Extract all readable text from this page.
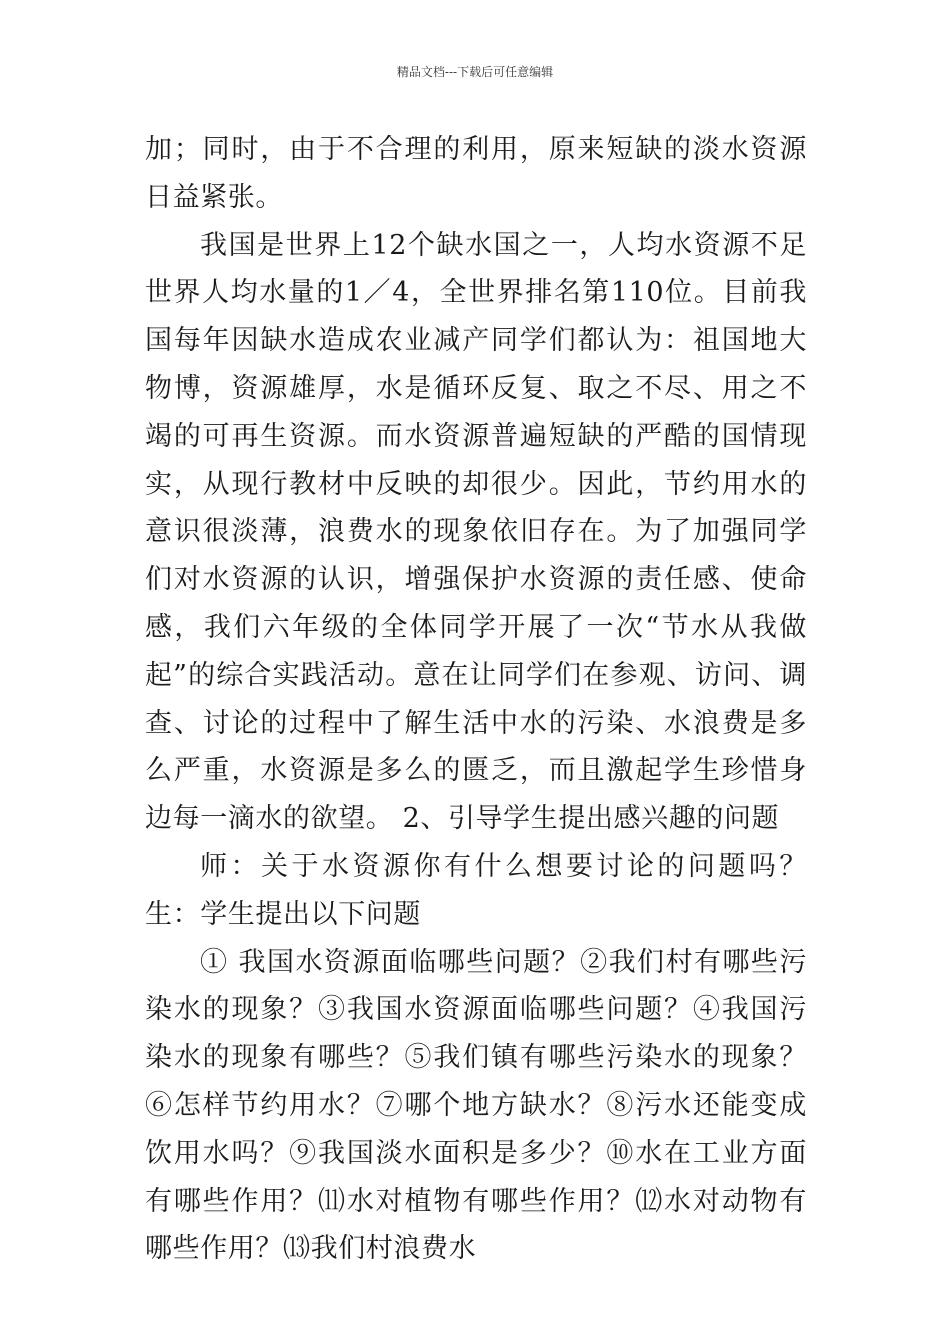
精品文档---下载后可任意编辑

加；同时，由于不合理的利用，原来短缺的淡水资源日益紧张。

我国是世界上12个缺水国之一，人均水资源不足世界人均水量的1／4，全世界排名第110位。目前我国每年因缺水造成农业减产同学们都认为：祖国地大物博，资源雄厚，水是循环反复、取之不尽、用之不竭的可再生资源。而水资源普遍短缺的严酷的国情现实，从现行教材中反映的却很少。因此，节约用水的意识很淡薄，浪费水的现象依旧存在。为了加强同学们对水资源的认识，增强保护水资源的责任感、使命感，我们六年级的全体同学开展了一次“节水从我做起”的综合实践活动。意在让同学们在参观、访问、调查、讨论的过程中了解生活中水的污染、水浪费是多么严重，水资源是多么的匮乏，而且激起学生珍惜身边每一滴水的欲望。 2、引导学生提出感兴趣的问题

师：关于水资源你有什么想要讨论的问题吗？ 生：学生提出以下问题

① 我国水资源面临哪些问题？②我们村有哪些污染水的现象？③我国水资源面临哪些问题？④我国污染水的现象有哪些？⑤我们镇有哪些污染水的现象？⑥怎样节约用水？⑦哪个地方缺水？⑧污水还能变成饮用水吗？⑨我国淡水面积是多少？⑩水在工业方面有哪些作用？⑾水对植物有哪些作用？⑿水对动物有哪些作用？⒀我们村浪费水
